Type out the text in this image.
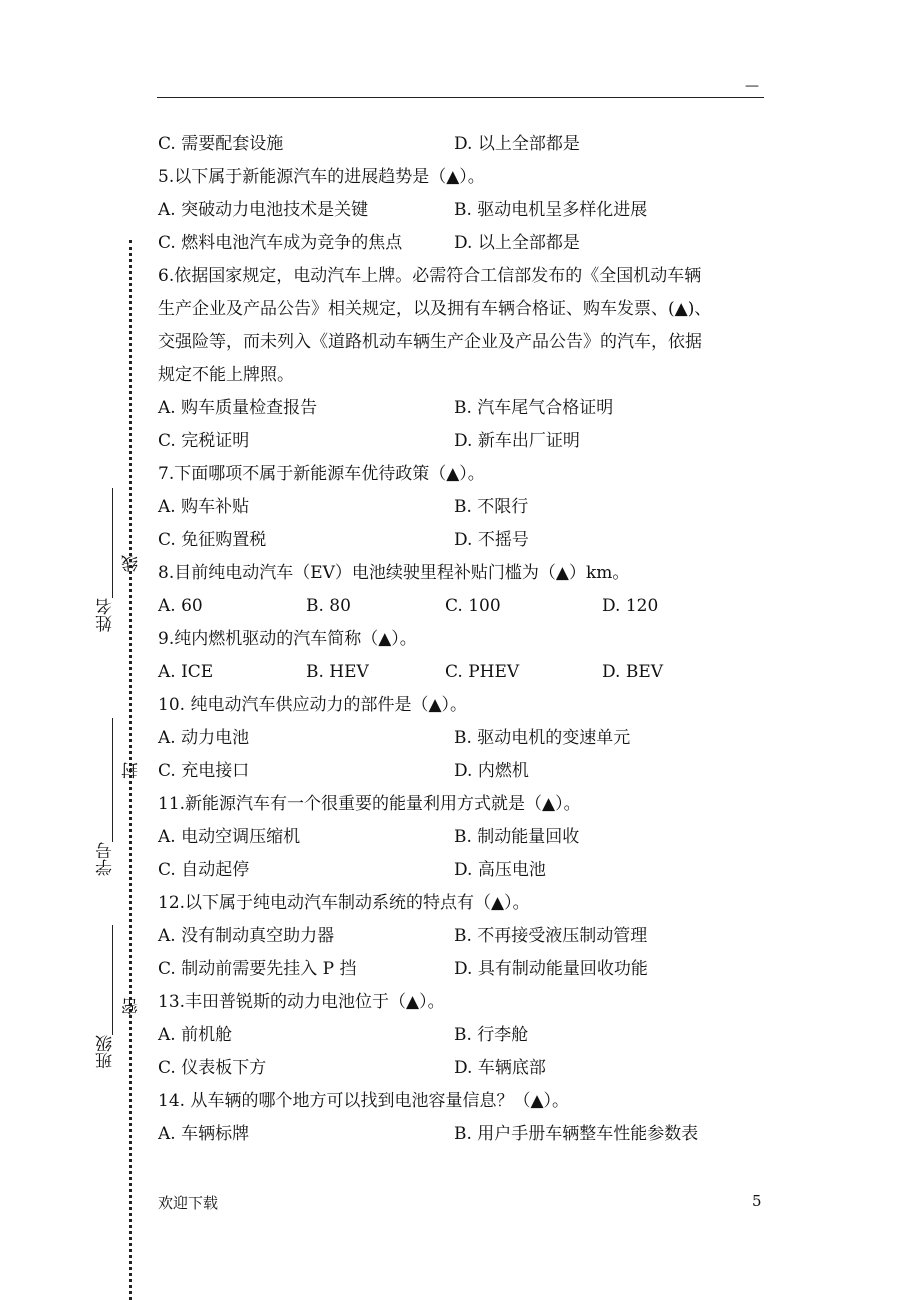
—
姓名
线
学号
封
班级
密
C. 需要配套设施	D. 以上全部都是
5.以下属于新能源汽车的进展趋势是（▲）。
A. 突破动力电池技术是关键	B. 驱动电机呈多样化进展
C. 燃料电池汽车成为竞争的焦点	D. 以上全部都是
6.依据国家规定，电动汽车上牌。必需符合工信部发布的《全国机动车辆
生产企业及产品公告》相关规定，以及拥有车辆合格证、购车发票、(▲)、
交强险等，而未列入《道路机动车辆生产企业及产品公告》的汽车，依据
规定不能上牌照。
A. 购车质量检查报告	B. 汽车尾气合格证明
C. 完税证明	D. 新车出厂证明
7.下面哪项不属于新能源车优待政策（▲）。
A. 购车补贴	B. 不限行
C. 免征购置税	D. 不摇号
8.目前纯电动汽车（EV）电池续驶里程补贴门槛为（▲）km。
A. 60	B. 80	C. 100	D. 120
9.纯内燃机驱动的汽车简称（▲）。
A. ICE	B. HEV	C. PHEV	D. BEV
10. 纯电动汽车供应动力的部件是（▲）。
A. 动力电池	B. 驱动电机的变速单元
C. 充电接口	D. 内燃机
11.新能源汽车有一个很重要的能量利用方式就是（▲）。
A. 电动空调压缩机	B. 制动能量回收
C. 自动起停	D. 高压电池
12.以下属于纯电动汽车制动系统的特点有（▲）。
A. 没有制动真空助力器	B. 不再接受液压制动管理
C. 制动前需要先挂入 P 挡	D. 具有制动能量回收功能
13.丰田普锐斯的动力电池位于（▲）。
A. 前机舱	B. 行李舱
C. 仪表板下方	D. 车辆底部
14. 从车辆的哪个地方可以找到电池容量信息？（▲）。
A. 车辆标牌	B. 用户手册车辆整车性能参数表
欢迎下载	5
